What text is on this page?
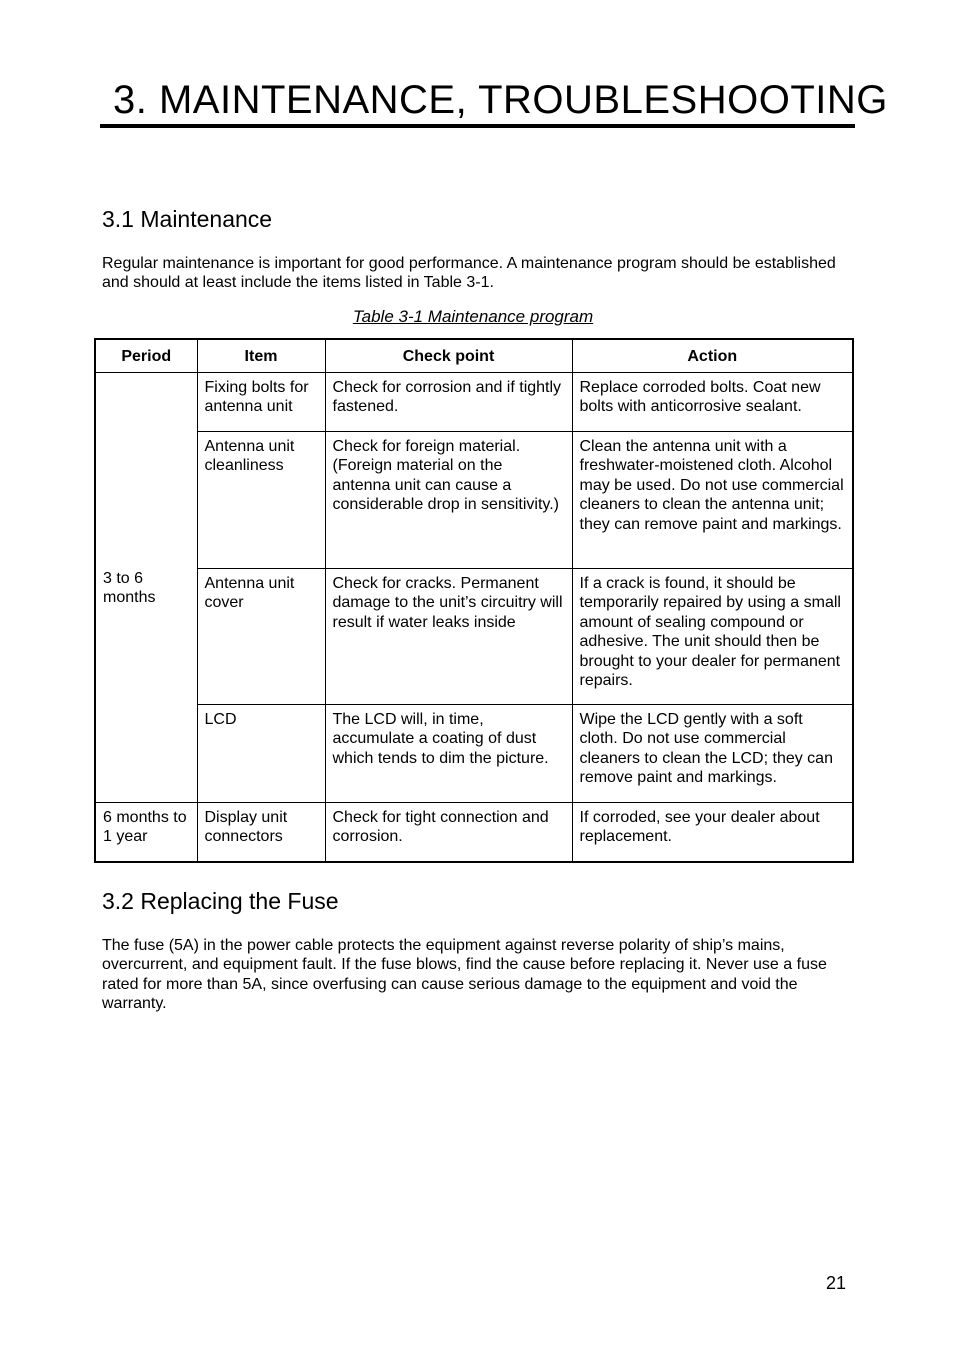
3. MAINTENANCE, TROUBLESHOOTING
3.1 Maintenance

Regular maintenance is important for good performance. A maintenance program should be established and should at least include the items listed in Table 3-1.

Table 3-1 Maintenance program
Period	Item	Check point	Action
3 to 6 months	Fixing bolts for antenna unit	Check for corrosion and if tightly fastened.	Replace corroded bolts. Coat new bolts with anticorrosive sealant.
	Antenna unit cleanliness	Check for foreign material. (Foreign material on the antenna unit can cause a considerable drop in sensitivity.)	Clean the antenna unit with a freshwater-moistened cloth. Alcohol may be used. Do not use commercial cleaners to clean the antenna unit; they can remove paint and markings.
	Antenna unit cover	Check for cracks. Permanent damage to the unit’s circuitry will result if water leaks inside	If a crack is found, it should be temporarily repaired by using a small amount of sealing compound or adhesive. The unit should then be brought to your dealer for permanent repairs.
	LCD	The LCD will, in time, accumulate a coating of dust which tends to dim the picture.	Wipe the LCD gently with a soft cloth. Do not use commercial cleaners to clean the LCD; they can remove paint and markings.
6 months to 1 year	Display unit connectors	Check for tight connection and corrosion.	If corroded, see your dealer about replacement.
3.2 Replacing the Fuse

The fuse (5A) in the power cable protects the equipment against reverse polarity of ship’s mains, overcurrent, and equipment fault. If the fuse blows, find the cause before replacing it. Never use a fuse rated for more than 5A, since overfusing can cause serious damage to the equipment and void the warranty.

21
